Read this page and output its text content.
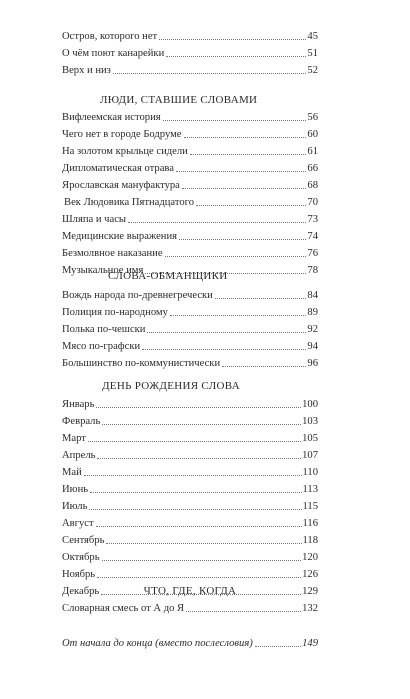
Остров, которого нет	45
О чём поют канарейки	51
Верх и низ	52
ЛЮДИ, СТАВШИЕ СЛОВАМИ
Вифлеемская история	56
Чего нет в городе Бодруме	60
На золотом крыльце сидели	61
Дипломатическая отрава	66
Ярославская мануфактура	68
Век Людовика Пятнадцатого	70
Шляпа и часы	73
Медицинские выражения	74
Безмолвное наказание	76
Музыкальное имя	78
СЛОВА-ОБМАНЩИКИ
Вождь народа по-древнегречески	84
Полиция по-народному	89
Полька по-чешски	92
Мясо по-графски	94
Большинство по-коммунистически	96
ДЕНЬ РОЖДЕНИЯ СЛОВА
Январь	100
Февраль	103
Март	105
Апрель	107
Май	110
Июнь	113
Июль	115
Август	116
Сентябрь	118
Октябрь	120
Ноябрь	126
Декабрь	129
ЧТО, ГДЕ, КОГДА
Словарная смесь от А до Я	132
От начала до конца (вместо послесловия)	149
